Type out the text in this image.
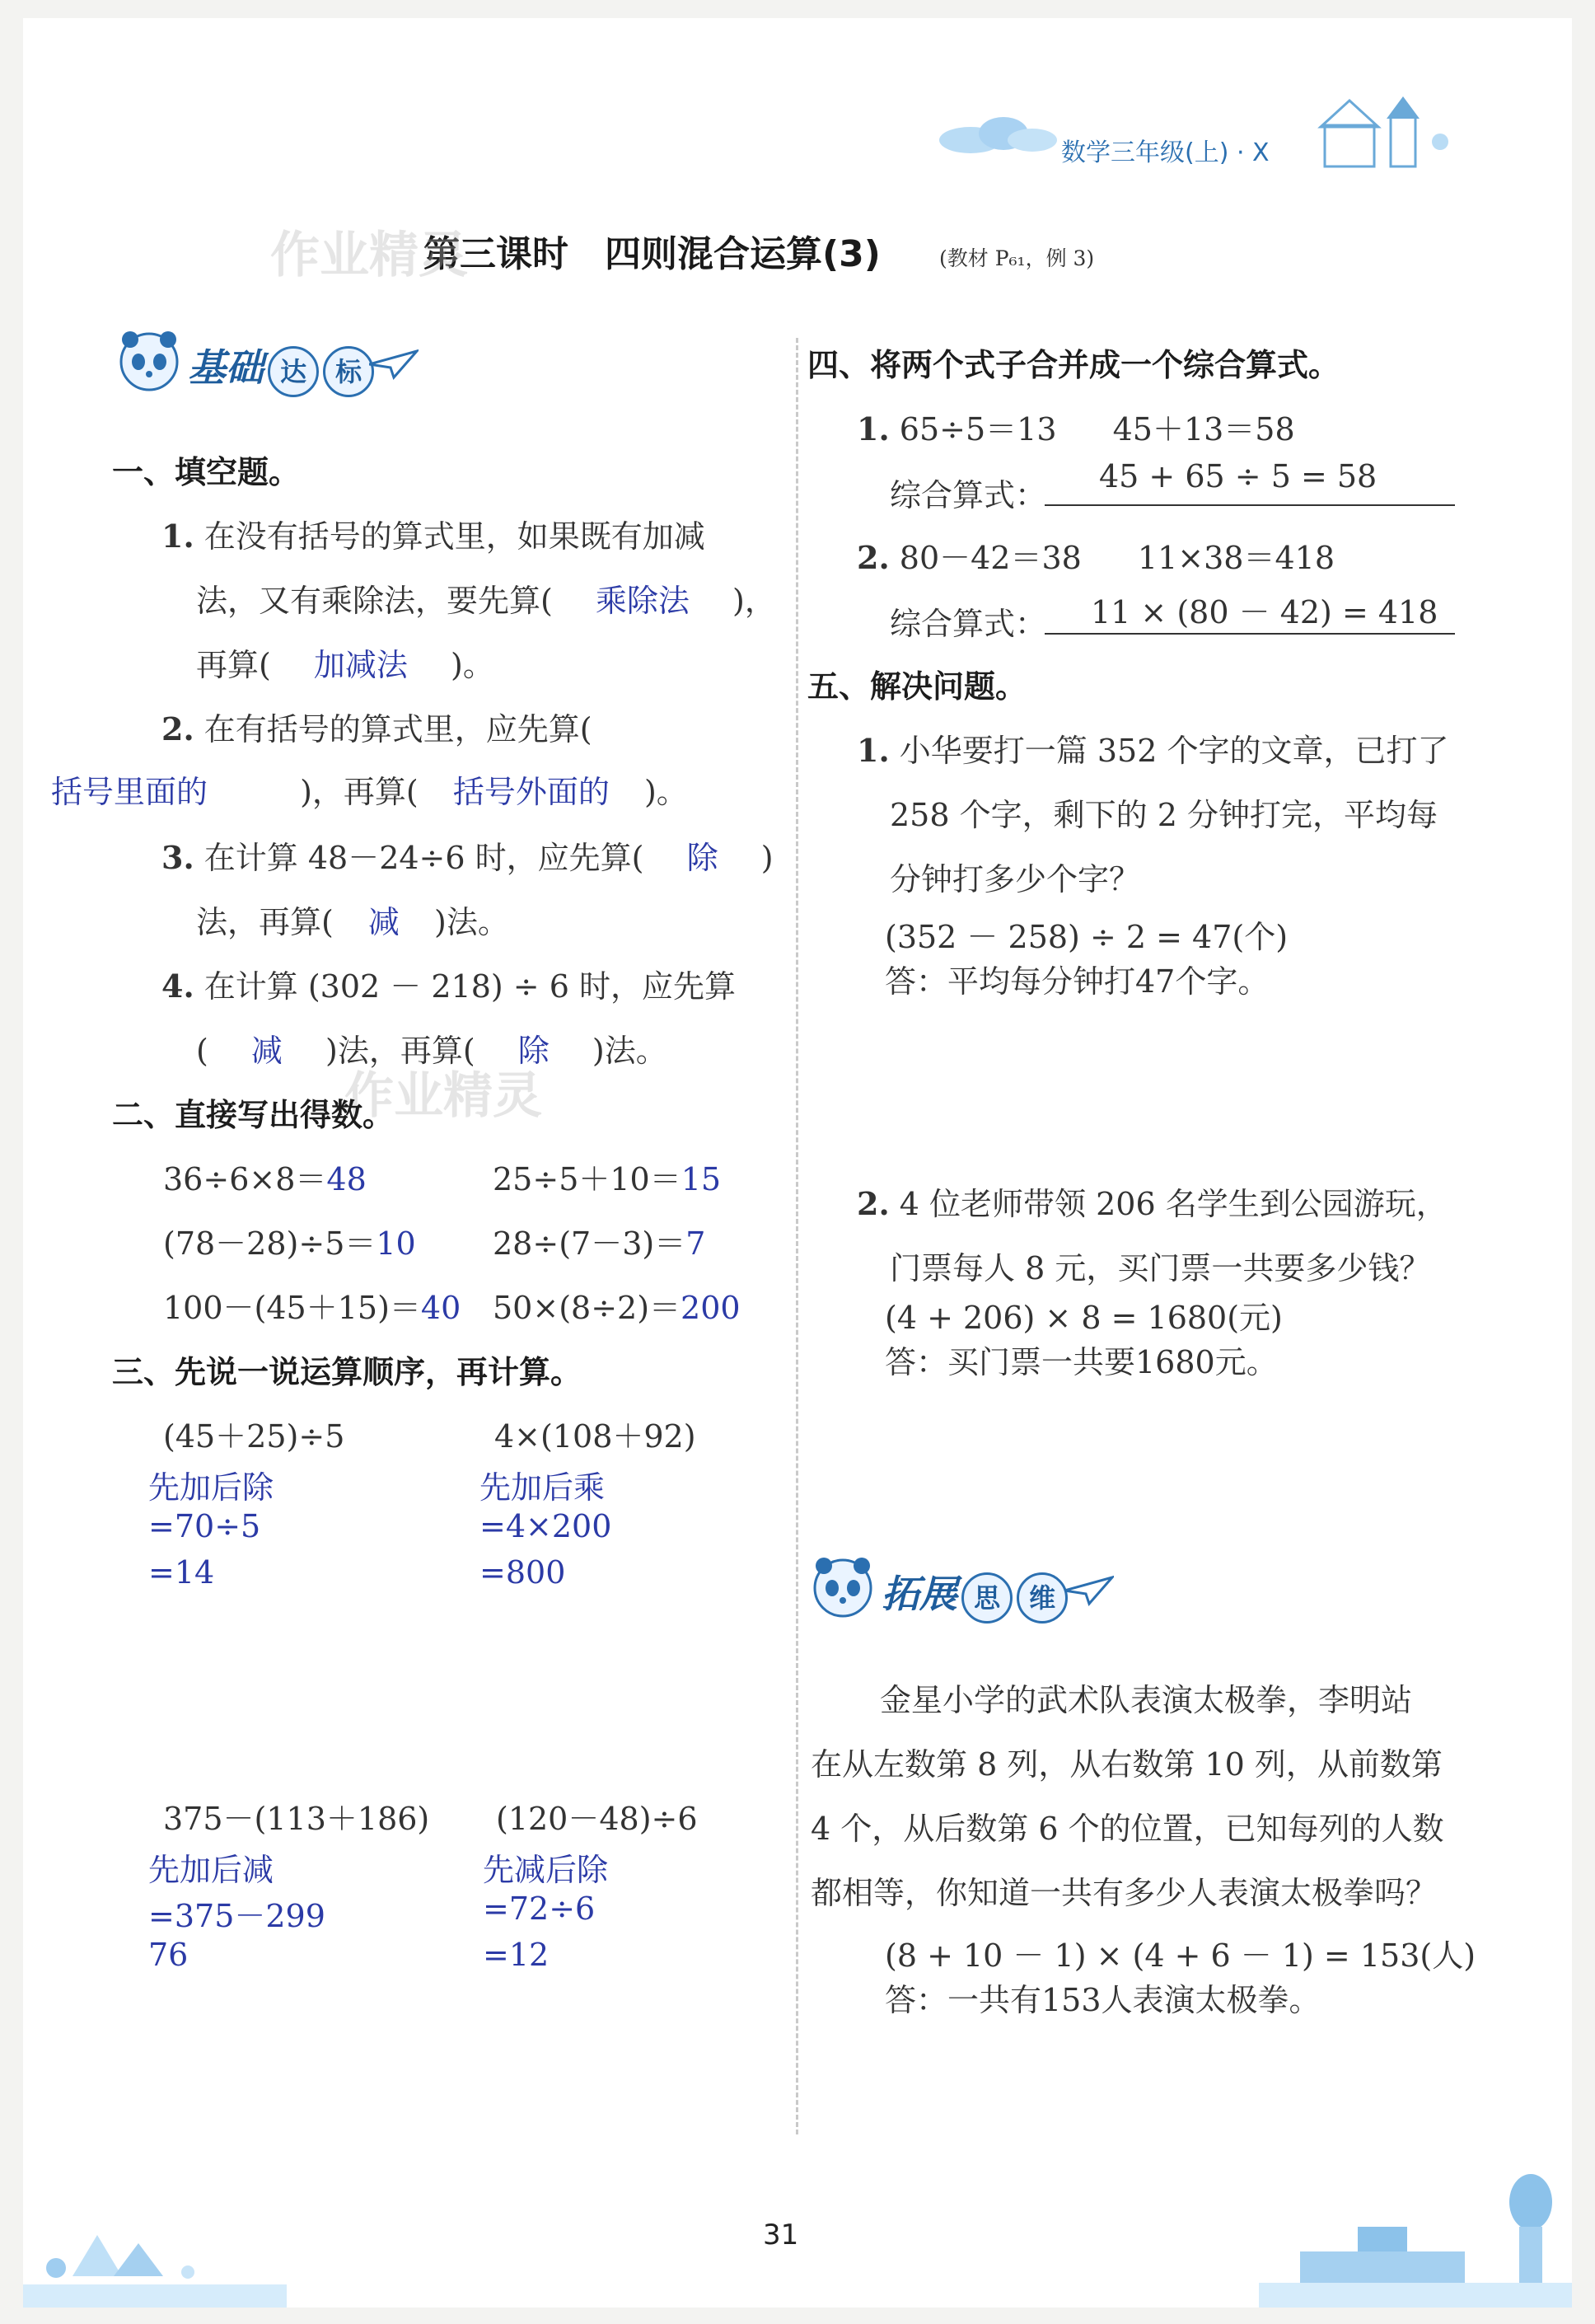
数学三年级(上) · X
第三课时　四则混合运算(3)	(教材 P₆₁，例 3)
作业精灵
基础 达 标
一、填空题。
1. 在没有括号的算式里，如果既有加减
法，又有乘除法，要先算( 乘除法 )，
再算( 加减法 )。
2. 在有括号的算式里，应先算(
括号里面的	)，再算( 括号外面的 )。
3. 在计算 48－24÷6 时，应先算( 除 )
法，再算( 减 )法。
4. 在计算 (302 － 218) ÷ 6 时，应先算
( 减 )法，再算( 除 )法。
作业精灵
二、直接写出得数。
36÷6×8＝48	25÷5＋10＝15
(78－28)÷5＝10 28÷(7－3)＝7
100－(45＋15)＝40 50×(8÷2)＝200
三、先说一说运算顺序，再计算。
(45＋25)÷5
先加后除
=70÷5
=14
4×(108＋92)
先加后乘
=4×200
=800
375－(113＋186)
先加后减
=375－299
76
(120－48)÷6
先减后除
=72÷6
=12
四、将两个式子合并成一个综合算式。
1. 65÷5＝13 45＋13＝58
综合算式：
45 + 65 ÷ 5 = 58
2. 80－42＝38 11×38＝418
综合算式： 11 × (80 － 42) = 418
五、解决问题。
1. 小华要打一篇 352 个字的文章，已打了
258 个字，剩下的 2 分钟打完，平均每
分钟打多少个字？
(352 － 258) ÷ 2 = 47(个)
答：平均每分钟打47个字。
2. 4 位老师带领 206 名学生到公园游玩，
门票每人 8 元，买门票一共要多少钱？
(4 + 206) × 8 = 1680(元)
答：买门票一共要1680元。
拓展 思 维
金星小学的武术队表演太极拳，李明站
在从左数第 8 列，从右数第 10 列，从前数第
4 个，从后数第 6 个的位置，已知每列的人数
都相等，你知道一共有多少人表演太极拳吗？
(8 + 10 － 1) × (4 + 6 － 1) = 153(人)
答：一共有153人表演太极拳。
31
